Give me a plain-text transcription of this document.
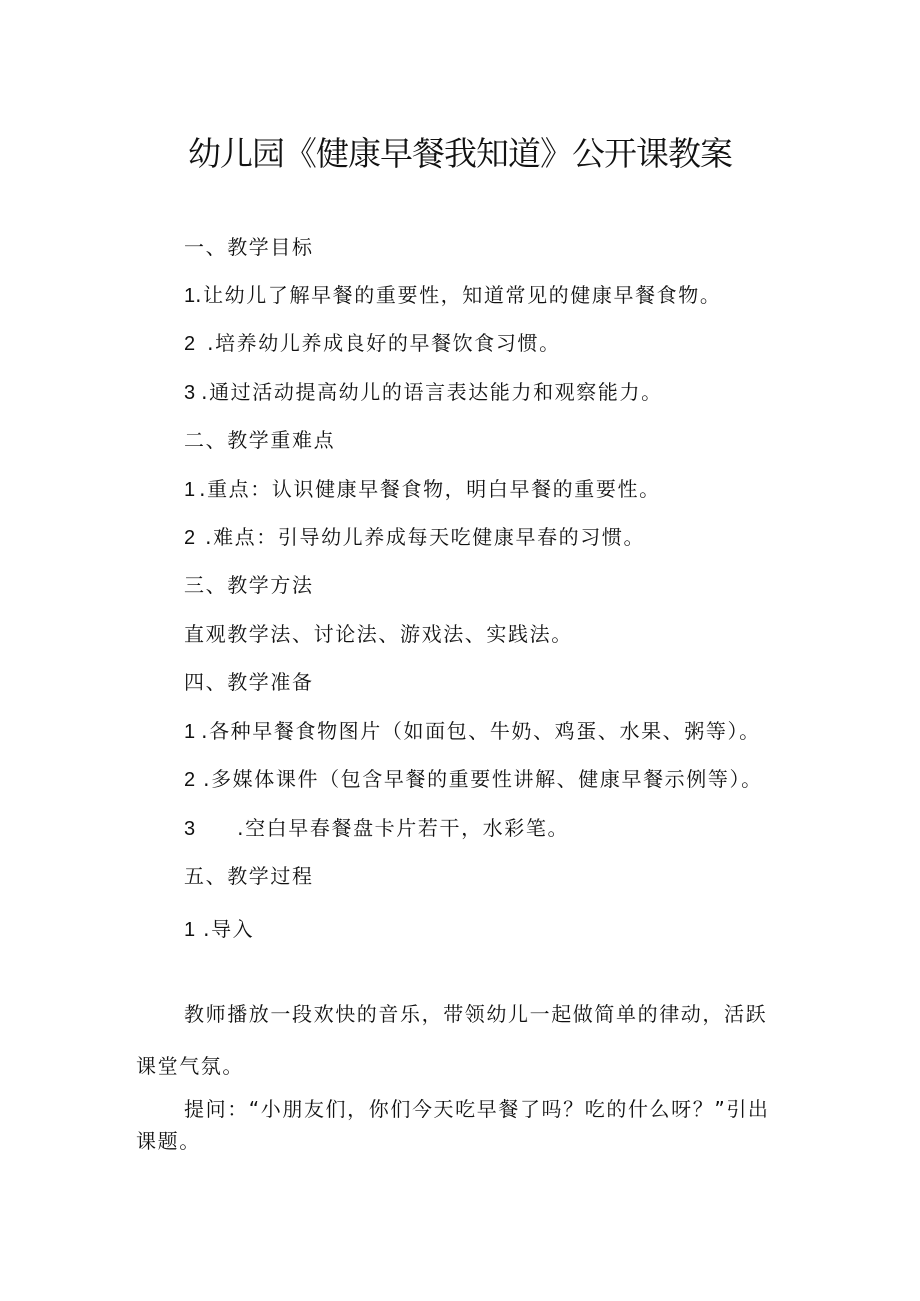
幼儿园《健康早餐我知道》公开课教案
一、教学目标
1.让幼儿了解早餐的重要性，知道常见的健康早餐食物。
2 .培养幼儿养成良好的早餐饮食习惯。
3 .通过活动提高幼儿的语言表达能力和观察能力。
二、教学重难点
1 .重点：认识健康早餐食物，明白早餐的重要性。
2 .难点：引导幼儿养成每天吃健康早春的习惯。
三、教学方法
直观教学法、讨论法、游戏法、实践法。
四、教学准备
1 .各种早餐食物图片（如面包、牛奶、鸡蛋、水果、粥等）。
2 .多媒体课件（包含早餐的重要性讲解、健康早餐示例等）。
3 .空白早春餐盘卡片若干，水彩笔。
五、教学过程
1 .导入
教师播放一段欢快的音乐，带领幼儿一起做简单的律动，活跃课堂气氛。
提问：“小朋友们，你们今天吃早餐了吗？吃的什么呀？”引出课题。
